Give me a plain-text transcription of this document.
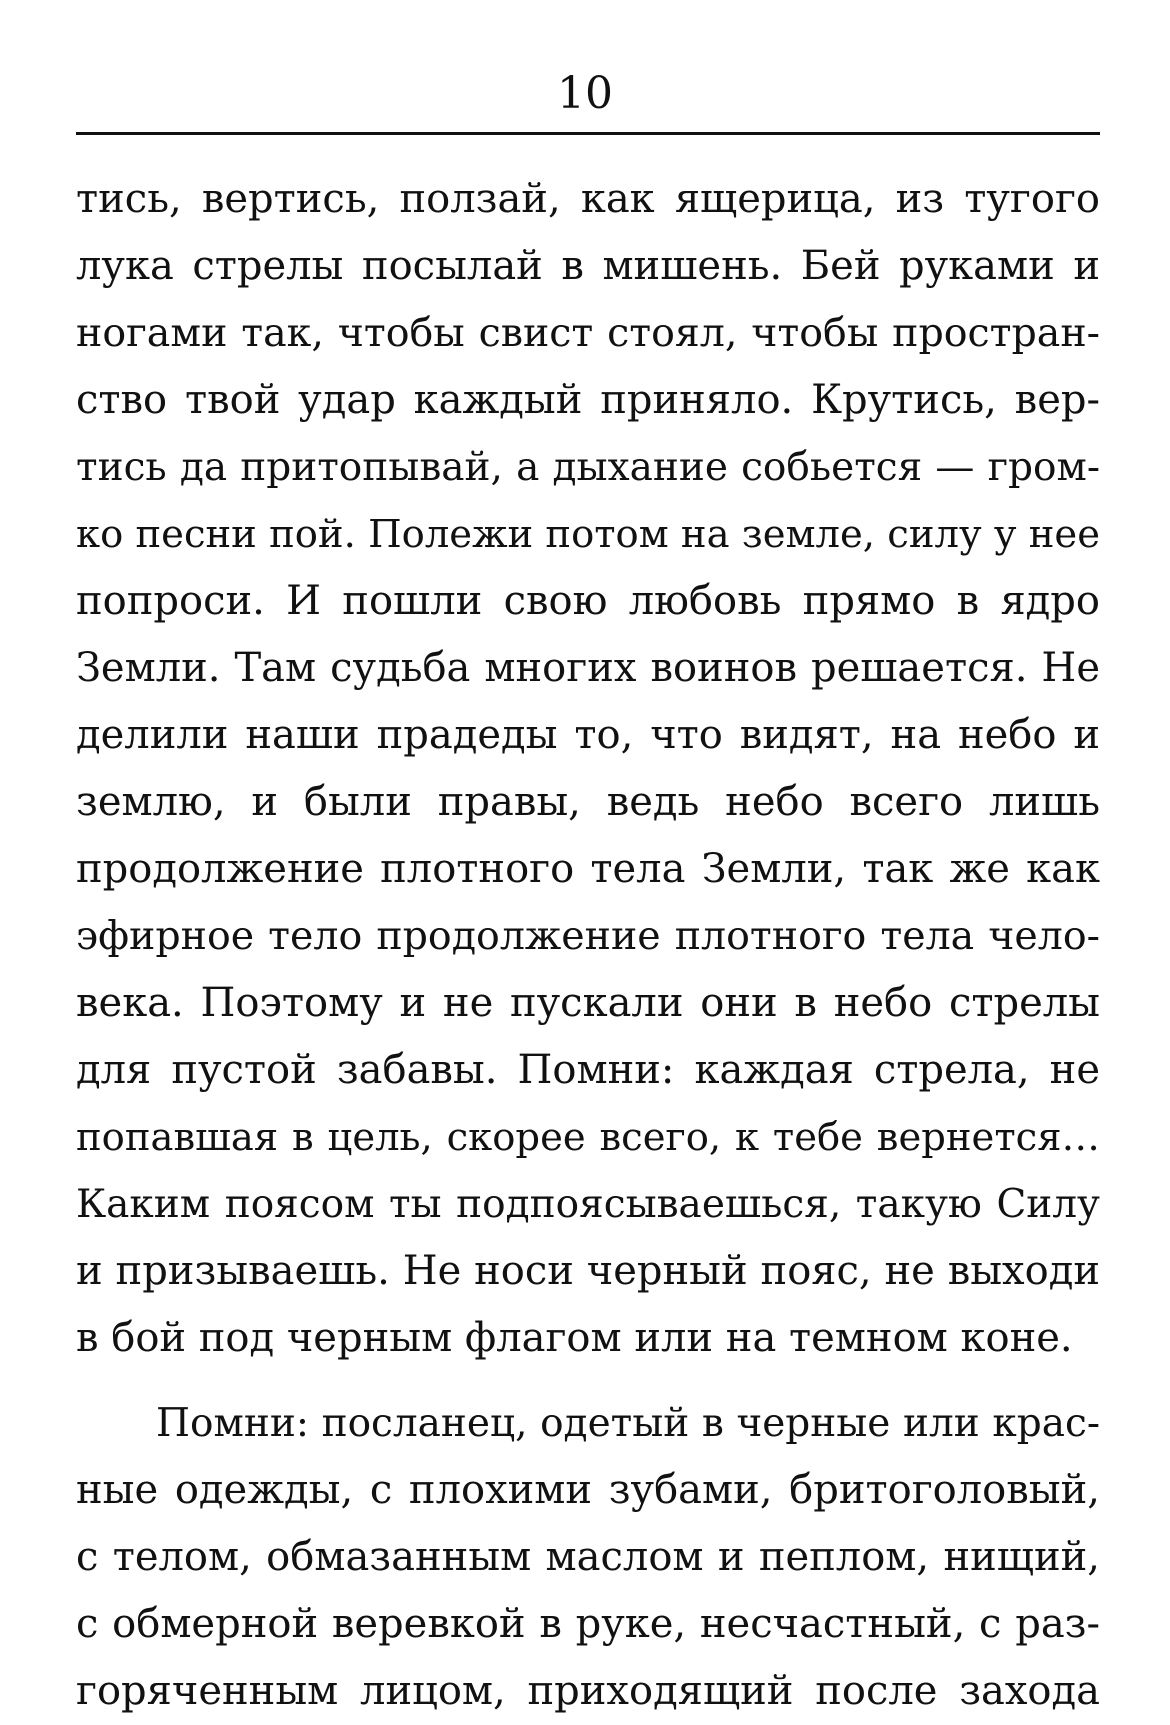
10
тись, вертись, ползай, как ящерица, из тугого
лука стрелы посылай в мишень. Бей руками и
ногами так, чтобы свист стоял, чтобы простран-
ство твой удар каждый приняло. Крутись, вер-
тись да притопывай, а дыхание собьется — гром-
ко песни пой. Полежи потом на земле, силу у нее
попроси. И пошли свою любовь прямо в ядро
Земли. Там судьба многих воинов решается. Не
делили наши прадеды то, что видят, на небо и
землю, и были правы, ведь небо всего лишь
продолжение плотного тела Земли, так же как
эфирное тело продолжение плотного тела чело-
века. Поэтому и не пускали они в небо стрелы
для пустой забавы. Помни: каждая стрела, не
попавшая в цель, скорее всего, к тебе вернется…
Каким поясом ты подпоясываешься, такую Силу
и призываешь. Не носи черный пояс, не выходи
в бой под черным флагом или на темном коне.
Помни: посланец, одетый в черные или крас-
ные одежды, с плохими зубами, бритоголовый,
с телом, обмазанным маслом и пеплом, нищий,
с обмерной веревкой в руке, несчастный, с раз-
горяченным лицом, приходящий после захода
